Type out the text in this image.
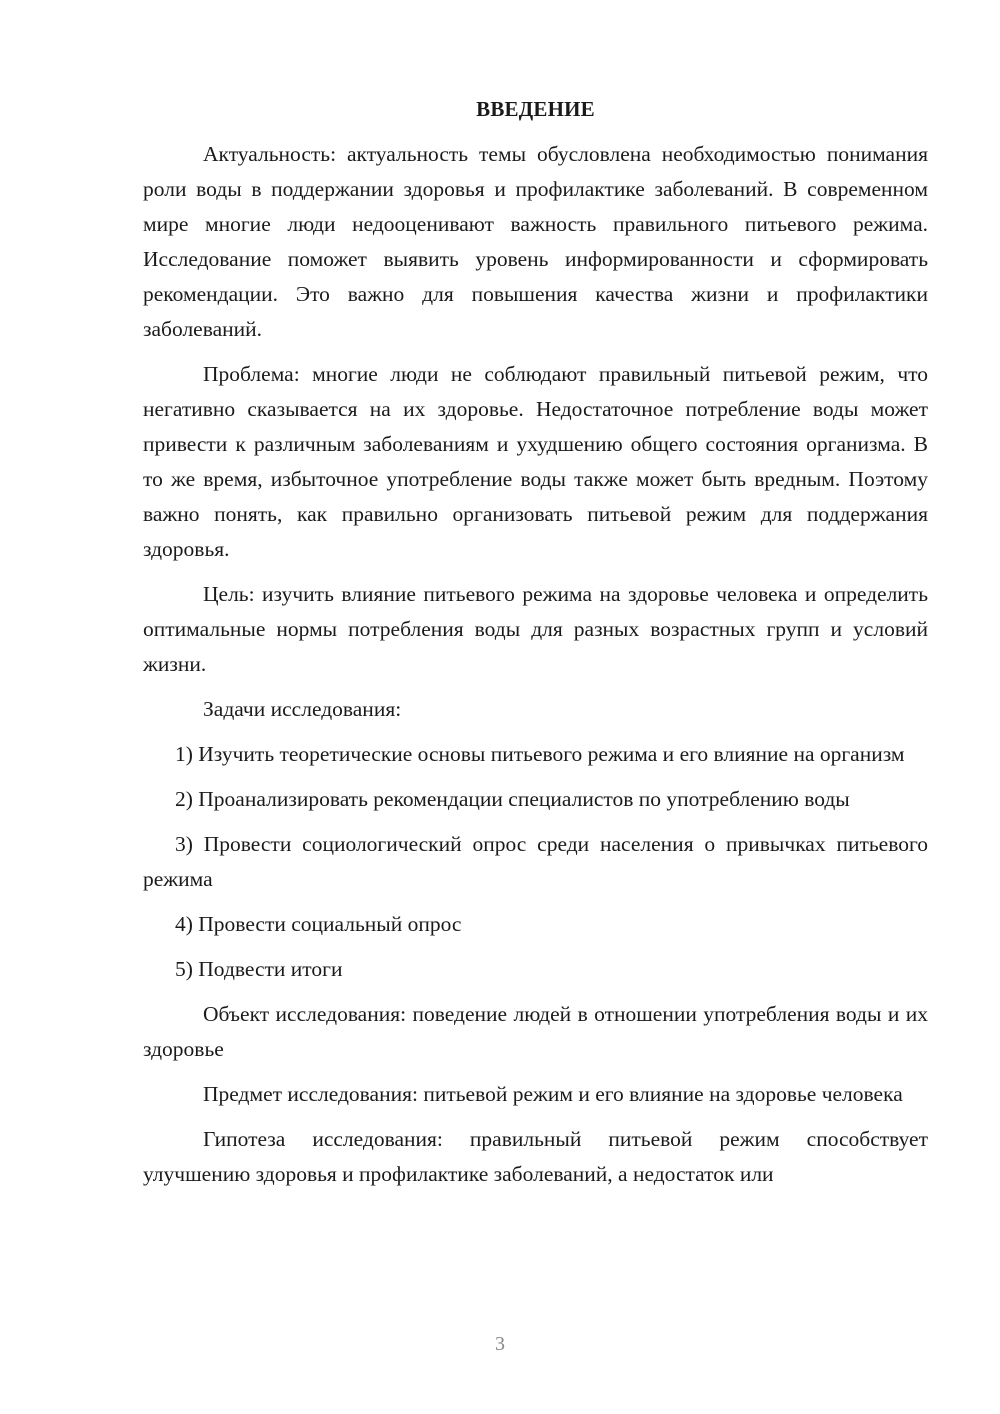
ВВЕДЕНИЕ
Актуальность: актуальность темы обусловлена необходимостью понимания роли воды в поддержании здоровья и профилактике заболеваний. В современном мире многие люди недооценивают важность правильного питьевого режима. Исследование поможет выявить уровень информированности и сформировать рекомендации. Это важно для повышения качества жизни и профилактики заболеваний.
Проблема: многие люди не соблюдают правильный питьевой режим, что негативно сказывается на их здоровье. Недостаточное потребление воды может привести к различным заболеваниям и ухудшению общего состояния организма. В то же время, избыточное употребление воды также может быть вредным. Поэтому важно понять, как правильно организовать питьевой режим для поддержания здоровья.
Цель: изучить влияние питьевого режима на здоровье человека и определить оптимальные нормы потребления воды для разных возрастных групп и условий жизни.
Задачи исследования:
1) Изучить теоретические основы питьевого режима и его влияние на организм
2) Проанализировать рекомендации специалистов по употреблению воды
3) Провести социологический опрос среди населения о привычках питьевого режима
4) Провести социальный опрос
5) Подвести итоги
Объект исследования: поведение людей в отношении употребления воды и их здоровье
Предмет исследования: питьевой режим и его влияние на здоровье человека
Гипотеза исследования: правильный питьевой режим способствует улучшению здоровья и профилактике заболеваний, а недостаток или
3
